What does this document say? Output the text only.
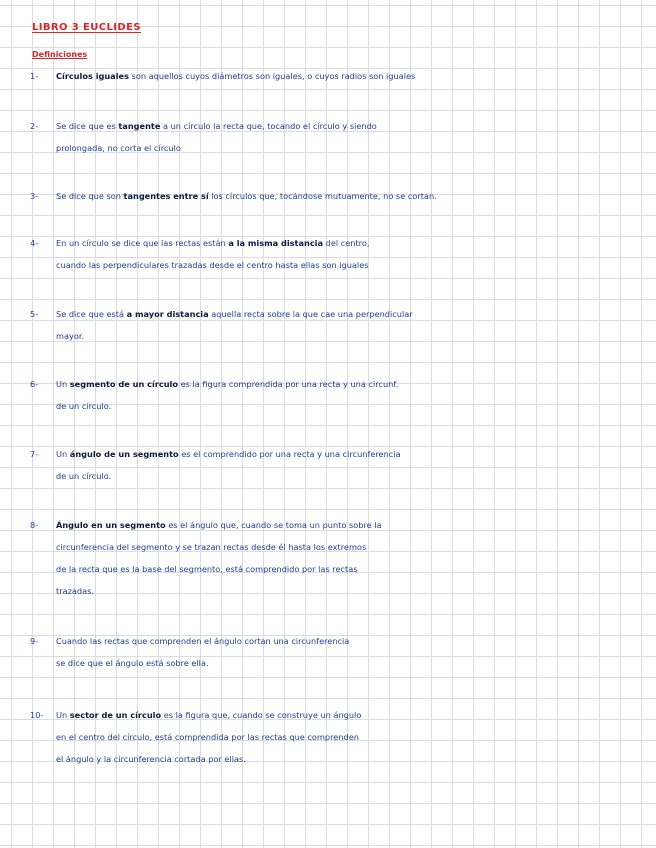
LIBRO 3 EUCLIDES
Definiciones
1- Círculos iguales son aquellos cuyos diámetros son iguales, o cuyos radios son iguales
2- Se dice que es tangente a un círculo la recta que, tocando el círculo y siendo
prolongada, no corta el círculo
3- Se dice que son tangentes entre sí los círculos que, tocándose mutuamente, no se cortan.
4- En un círculo se dice que las rectas están a la misma distancia del centro,
cuando las perpendiculares trazadas desde el centro hasta ellas son iguales
5- Se dice que está a mayor distancia aquella recta sobre la que cae una perpendicular
mayor.
6- Un segmento de un círculo es la figura comprendida por una recta y una circunf.
de un círculo.
7- Un ángulo de un segmento es el comprendido por una recta y una circunferencia
de un círculo.
8- Ángulo en un segmento es el ángulo que, cuando se toma un punto sobre la
circunferencia del segmento y se trazan rectas desde él hasta los extremos
de la recta que es la base del segmento, está comprendido por las rectas
trazadas.
9- Cuando las rectas que comprenden el ángulo cortan una circunferencia
se dice que el ángulo está sobre ella.
10- Un sector de un círculo es la figura que, cuando se construye un ángulo
en el centro del círculo, está comprendida por las rectas que comprenden
el ángulo y la circunferencia cortada por ellas.
